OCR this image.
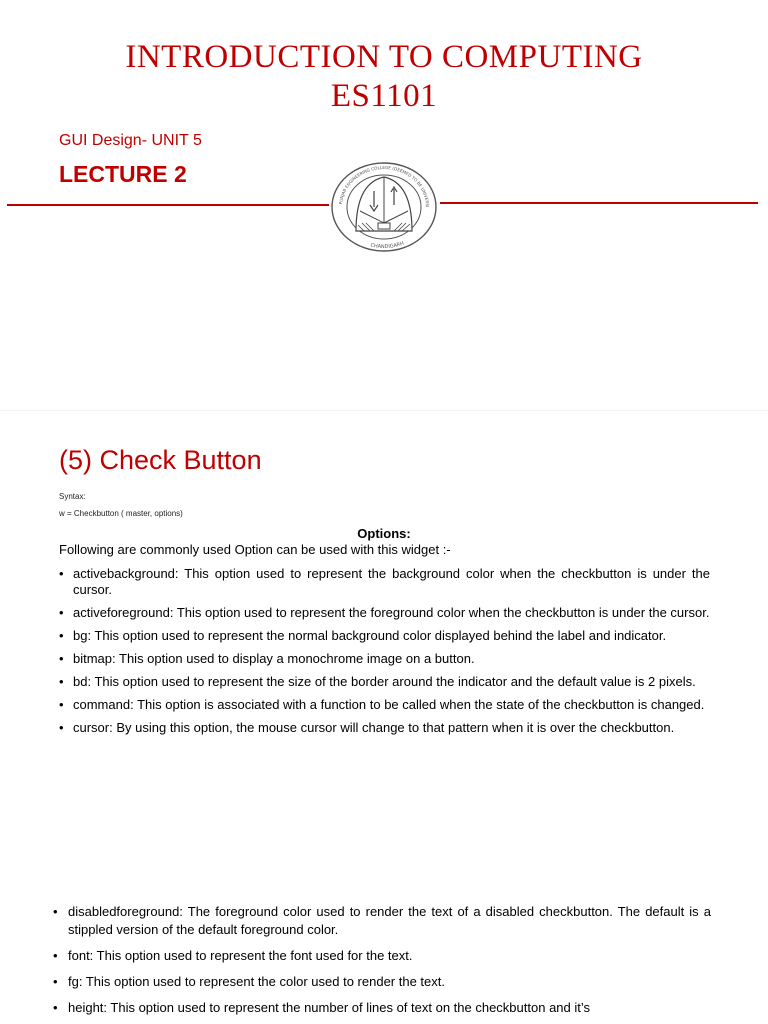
INTRODUCTION TO COMPUTING
ES1101
GUI Design- UNIT 5
LECTURE 2
PUNJAB ENGINEERING COLLEGE (DEEMED TO BE UNIVERSI
CHANDIGARH
(5) Check Button
Syntax:
w = Checkbutton ( master, options)
Options:
Following are commonly used Option can be used with this widget :-
• activebackground: This option used to represent the background color when the checkbutton is under the cursor.
• activeforeground: This option used to represent the foreground color when the checkbutton is under the cursor.
• bg: This option used to represent the normal background color displayed behind the label and indicator.
• bitmap: This option used to display a monochrome image on a button.
• bd: This option used to represent the size of the border around the indicator and the default value is 2 pixels.
• command: This option is associated with a function to be called when the state of the checkbutton is changed.
• cursor: By using this option, the mouse cursor will change to that pattern when it is over the checkbutton.
• disabledforeground: The foreground color used to render the text of a disabled checkbutton. The default is a stippled version of the default foreground color.
• font: This option used to represent the font used for the text.
• fg: This option used to represent the color used to render the text.
• height: This option used to represent the number of lines of text on the checkbutton and it’s
